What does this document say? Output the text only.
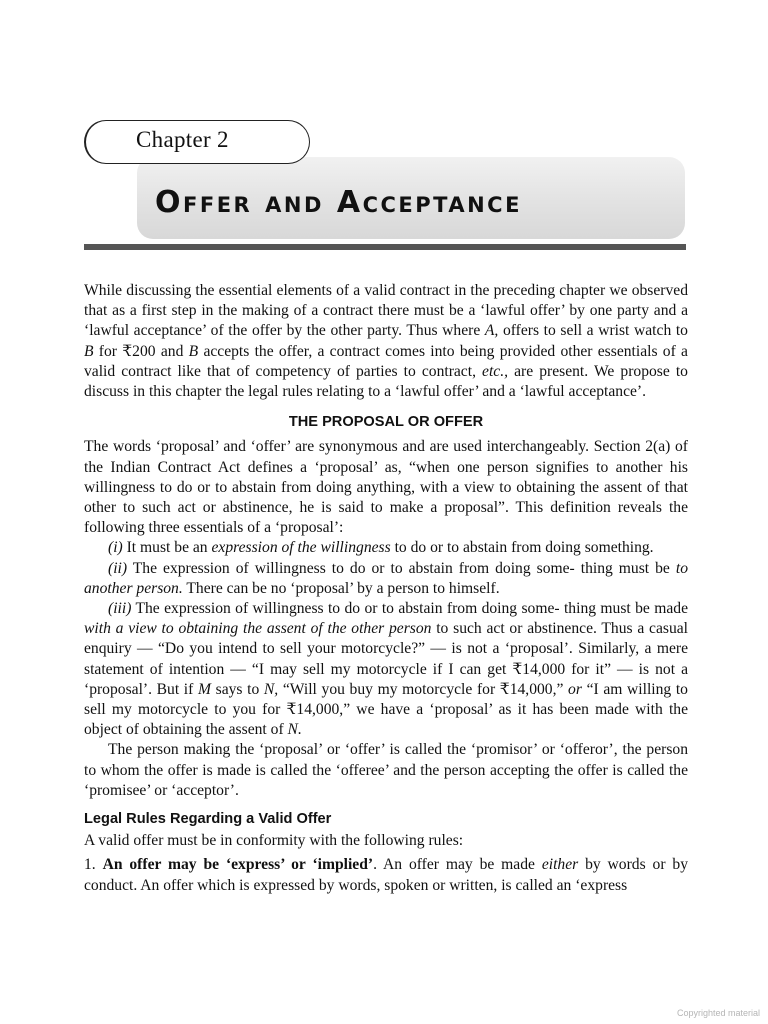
Chapter 2
Offer and Acceptance

While discussing the essential elements of a valid contract in the preceding chapter we observed that as a first step in the making of a contract there must be a ‘lawful offer’ by one party and a ‘lawful acceptance’ of the offer by the other party. Thus where A, offers to sell a wrist watch to B for ₹200 and B accepts the offer, a contract comes into being provided other essentials of a valid contract like that of competency of parties to contract, etc., are present. We propose to discuss in this chapter the legal rules relating to a ‘lawful offer’ and a ‘lawful acceptance’.

THE PROPOSAL OR OFFER

The words ‘proposal’ and ‘offer’ are synonymous and are used interchangeably. Section 2(a) of the Indian Contract Act defines a ‘proposal’ as, “when one person signifies to another his willingness to do or to abstain from doing anything, with a view to obtaining the assent of that other to such act or abstinence, he is said to make a proposal”. This definition reveals the following three essentials of a ‘proposal’:

(i) It must be an expression of the willingness to do or to abstain from doing something.

(ii) The expression of willingness to do or to abstain from doing some- thing must be to another person. There can be no ‘proposal’ by a person to himself.

(iii) The expression of willingness to do or to abstain from doing some- thing must be made with a view to obtaining the assent of the other person to such act or abstinence. Thus a casual enquiry — “Do you intend to sell your motorcycle?” — is not a ‘proposal’. Similarly, a mere statement of intention — “I may sell my motorcycle if I can get ₹14,000 for it” — is not a ‘proposal’. But if M says to N, “Will you buy my motorcycle for ₹14,000,” or “I am willing to sell my motorcycle to you for ₹14,000,” we have a ‘proposal’ as it has been made with the object of obtaining the assent of N.

The person making the ‘proposal’ or ‘offer’ is called the ‘promisor’ or ‘offeror’, the person to whom the offer is made is called the ‘offeree’ and the person accepting the offer is called the ‘promisee’ or ‘acceptor’.

Legal Rules Regarding a Valid Offer

A valid offer must be in conformity with the following rules:

1. An offer may be ‘express’ or ‘implied’. An offer may be made either by words or by conduct. An offer which is expressed by words, spoken or written, is called an ‘express

Copyrighted material
